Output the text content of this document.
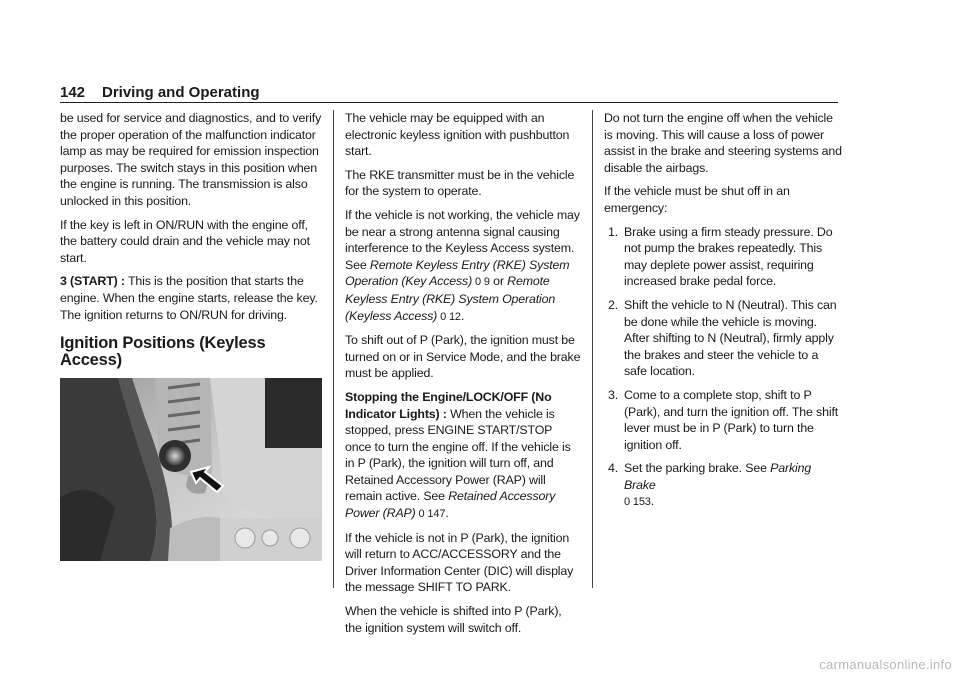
142 Driving and Operating

be used for service and diagnostics, and to verify the proper operation of the malfunction indicator lamp as may be required for emission inspection purposes. The switch stays in this position when the engine is running. The transmission is also unlocked in this position.

If the key is left in ON/RUN with the engine off, the battery could drain and the vehicle may not start.

3 (START) : This is the position that starts the engine. When the engine starts, release the key. The ignition returns to ON/RUN for driving.

Ignition Positions (Keyless Access)

The vehicle may be equipped with an electronic keyless ignition with pushbutton start.

The RKE transmitter must be in the vehicle for the system to operate.

If the vehicle is not working, the vehicle may be near a strong antenna signal causing interference to the Keyless Access system. See Remote Keyless Entry (RKE) System Operation (Key Access) 0 9 or Remote Keyless Entry (RKE) System Operation (Keyless Access) 0 12.

To shift out of P (Park), the ignition must be turned on or in Service Mode, and the brake must be applied.

Stopping the Engine/LOCK/OFF (No Indicator Lights) : When the vehicle is stopped, press ENGINE START/STOP once to turn the engine off. If the vehicle is in P (Park), the ignition will turn off, and Retained Accessory Power (RAP) will remain active. See Retained Accessory Power (RAP) 0 147.

If the vehicle is not in P (Park), the ignition will return to ACC/ACCESSORY and the Driver Information Center (DIC) will display the message SHIFT TO PARK.

When the vehicle is shifted into P (Park), the ignition system will switch off.

Do not turn the engine off when the vehicle is moving. This will cause a loss of power assist in the brake and steering systems and disable the airbags.

If the vehicle must be shut off in an emergency:

1. Brake using a firm steady pressure. Do not pump the brakes repeatedly. This may deplete power assist, requiring increased brake pedal force.
2. Shift the vehicle to N (Neutral). This can be done while the vehicle is moving. After shifting to N (Neutral), firmly apply the brakes and steer the vehicle to a safe location.
3. Come to a complete stop, shift to P (Park), and turn the ignition off. The shift lever must be in P (Park) to turn the ignition off.
4. Set the parking brake. See Parking Brake
0 153.
carmanualsonline.info
